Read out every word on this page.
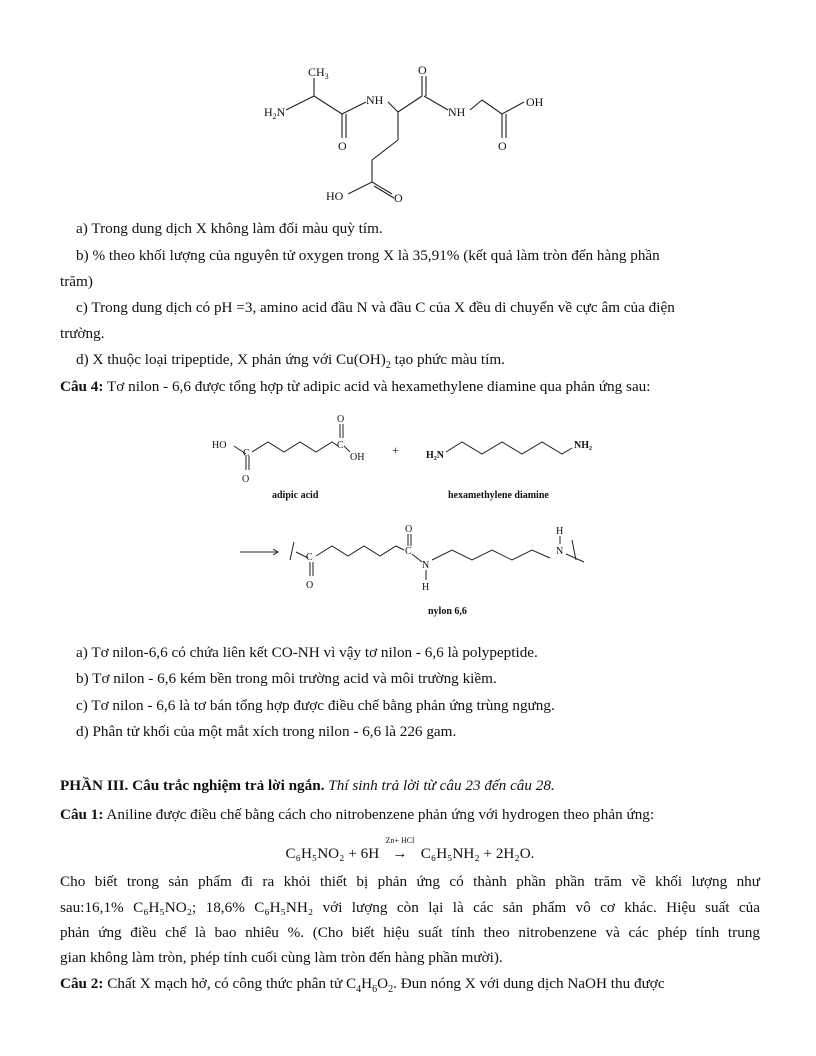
$CH_3$
$H_2N$
NH
NH
O
O	O
OH
HO	O
a) Trong dung dịch X không làm đổi màu quỳ tím.
b) % theo khối lượng của nguyên tử oxygen trong X là 35,91% (kết quả làm tròn đến hàng phần
trăm)
c) Trong dung dịch có pH =3, amino acid đầu N và đầu C của X đều di chuyển về cực âm của điện
trường.
d) X thuộc loại tripeptide, X phản ứng với $Cu(OH)_2$ tạo phức màu tím.
Câu 4: Tơ nilon - 6,6 được tổng hợp từ adipic acid và hexamethylene diamine qua phản ứng sau:
HO
C
O
O
C
OH
+	H₂N
NH₂
adipic acid	hexamethylene diamine
C
O
O
C
N
H
H
N
nylon 6,6
a) Tơ nilon-6,6 có chứa liên kết CO-NH vì vậy tơ nilon - 6,6 là polypeptide.
b) Tơ nilon - 6,6 kém bền trong môi trường acid và môi trường kiềm.
c) Tơ nilon - 6,6 là tơ bán tổng hợp được điều chế bằng phản ứng trùng ngưng.
d) Phân tử khối của một mắt xích trong nilon - 6,6 là 226 gam.
PHẦN III. Câu trắc nghiệm trả lời ngắn. Thí sinh trả lời từ câu 23 đến câu 28.
Câu 1: Aniline được điều chế bằng cách cho nitrobenzene phản ứng với hydrogen theo phản ứng:
C₆H₅NO₂ + 6H
Zn+ HCl
→ C₆H₅NH₂ + 2H₂O.
Cho biết trong sản phẩm đi ra khỏi thiết bị phản ứng có thành phần phần trăm về khối lượng như
sau:16,1% C₆H₅NO₂; 18,6% C₆H₅NH₂ với lượng còn lại là các sản phẩm vô cơ khác. Hiệu suất của
phản ứng điều chế là bao nhiêu %. (Cho biết hiệu suất tính theo nitrobenzene và các phép tính trung
gian không làm tròn, phép tính cuối cùng làm tròn đến hàng phần mười).
Câu 2: Chất X mạch hở, có công thức phân tử $C_4H_6O_2$. Đun nóng X với dung dịch NaOH thu được
